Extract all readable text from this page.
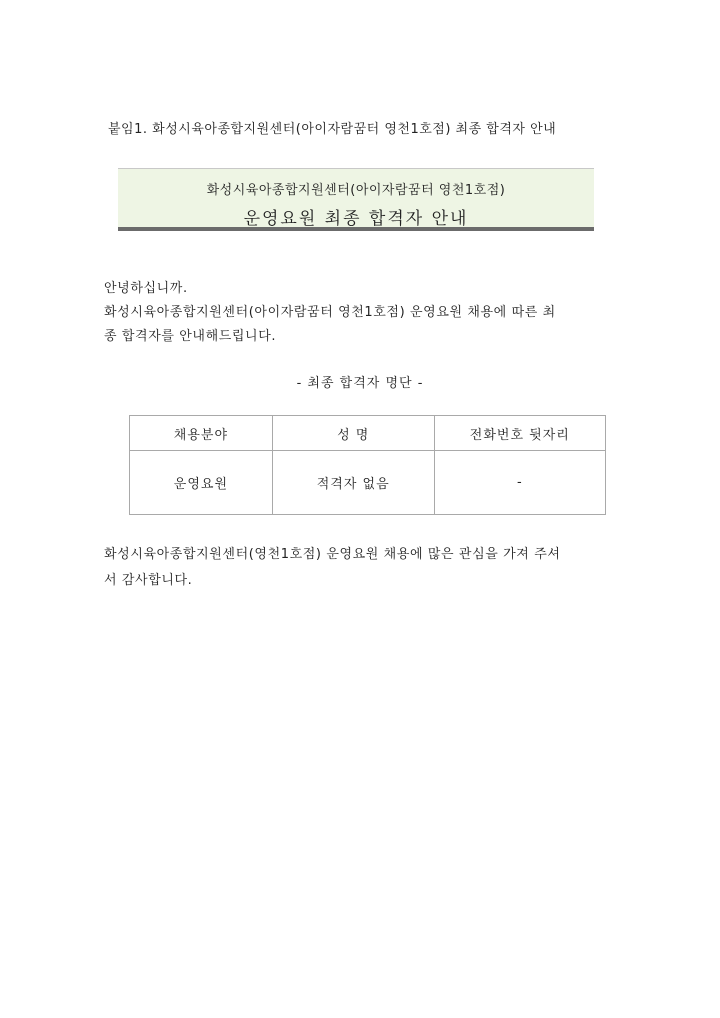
붙임1. 화성시육아종합지원센터(아이자람꿈터 영천1호점) 최종 합격자 안내
화성시육아종합지원센터(아이자람꿈터 영천1호점)
운영요원 최종 합격자 안내

안녕하십니까.

화성시육아종합지원센터(아이자람꿈터 영천1호점) 운영요원 채용에 따른 최

종 합격자를 안내해드립니다.

- 최종 합격자 명단 -
채용분야	성 명	전화번호 뒷자리
운영요원	적격자 없음	-
화성시육아종합지원센터(영천1호점) 운영요원 채용에 많은 관심을 가져 주셔
서 감사합니다.
